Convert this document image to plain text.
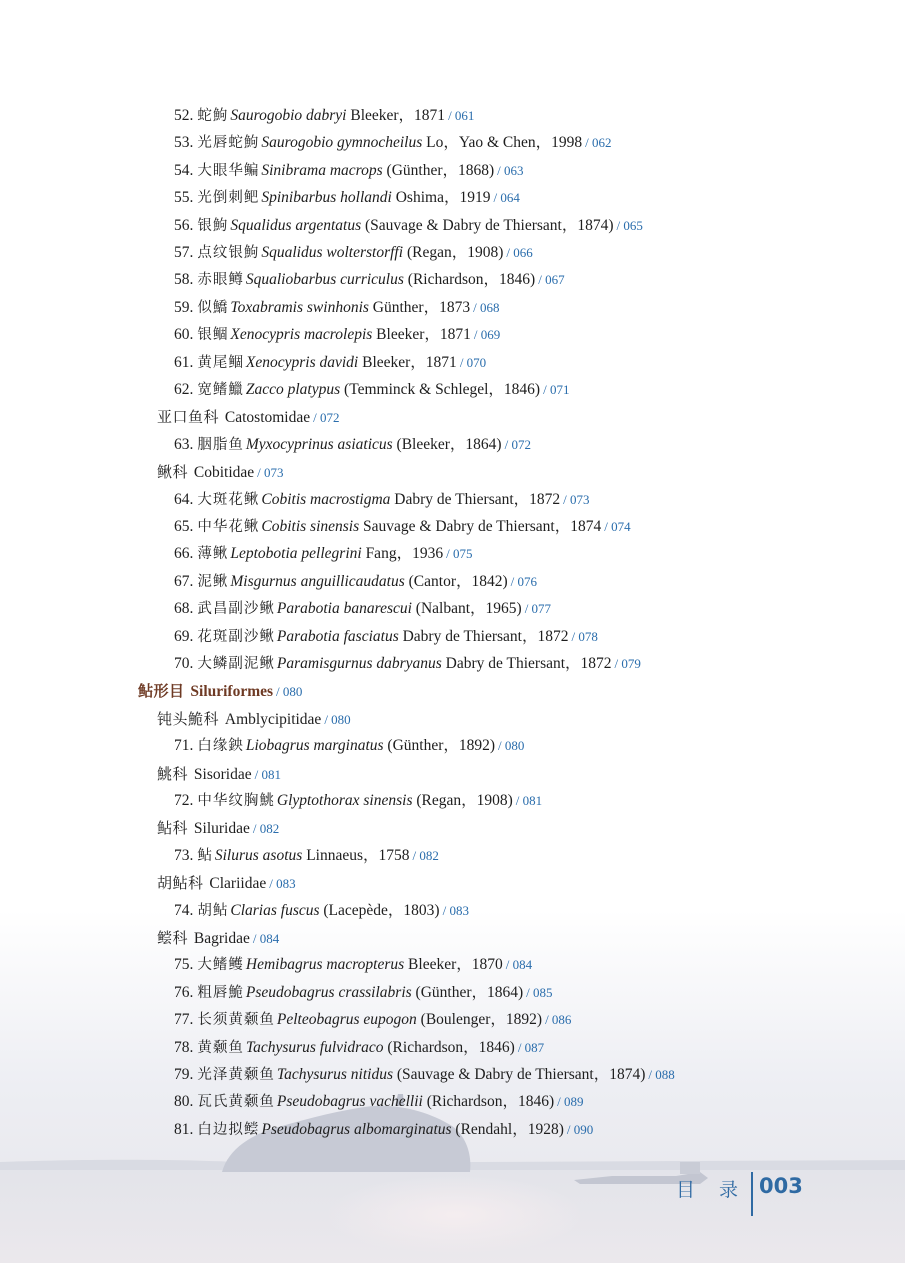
52. 蛇鮈 Saurogobio dabryi Bleeker，1871 / 061
53. 光唇蛇鮈 Saurogobio gymnocheilus Lo，Yao & Chen，1998 / 062
54. 大眼华鳊 Sinibrama macrops (Günther，1868) / 063
55. 光倒刺鲃 Spinibarbus hollandi Oshima，1919 / 064
56. 银鮈 Squalidus argentatus (Sauvage & Dabry de Thiersant，1874) / 065
57. 点纹银鮈 Squalidus wolterstorffi (Regan，1908) / 066
58. 赤眼鳟 Squaliobarbus curriculus (Richardson，1846) / 067
59. 似鱎 Toxabramis swinhonis Günther，1873 / 068
60. 银鲴 Xenocypris macrolepis Bleeker，1871 / 069
61. 黄尾鲴 Xenocypris davidi Bleeker，1871 / 070
62. 宽鳍鱲 Zacco platypus (Temminck & Schlegel，1846) / 071
亚口鱼科 Catostomidae / 072
63. 胭脂鱼 Myxocyprinus asiaticus (Bleeker，1864) / 072
鳅科 Cobitidae / 073
64. 大斑花鳅 Cobitis macrostigma Dabry de Thiersant，1872 / 073
65. 中华花鳅 Cobitis sinensis Sauvage & Dabry de Thiersant，1874 / 074
66. 薄鳅 Leptobotia pellegrini Fang，1936 / 075
67. 泥鳅 Misgurnus anguillicaudatus (Cantor，1842) / 076
68. 武昌副沙鳅 Parabotia banarescui (Nalbant，1965) / 077
69. 花斑副沙鳅 Parabotia fasciatus Dabry de Thiersant，1872 / 078
70. 大鳞副泥鳅 Paramisgurnus dabryanus Dabry de Thiersant，1872 / 079
鲇形目 Siluriformes / 080
钝头鮠科 Amblycipitidae / 080
71. 白缘鉠 Liobagrus marginatus (Günther，1892) / 080
鮡科 Sisoridae / 081
72. 中华纹胸鮡 Glyptothorax sinensis (Regan，1908) / 081
鲇科 Siluridae / 082
73. 鲇 Silurus asotus Linnaeus，1758 / 082
胡鲇科 Clariidae / 083
74. 胡鲇 Clarias fuscus (Lacepède，1803) / 083
鲿科 Bagridae / 084
75. 大鳍鳠 Hemibagrus macropterus Bleeker，1870 / 084
76. 粗唇鮠 Pseudobagrus crassilabris (Günther，1864) / 085
77. 长须黄颡鱼 Pelteobagrus eupogon (Boulenger，1892) / 086
78. 黄颡鱼 Tachysurus fulvidraco (Richardson，1846) / 087
79. 光泽黄颡鱼 Tachysurus nitidus (Sauvage & Dabry de Thiersant，1874) / 088
80. 瓦氏黄颡鱼 Pseudobagrus vachellii (Richardson，1846) / 089
81. 白边拟鲿 Pseudobagrus albomarginatus (Rendahl，1928) / 090
目 录 003
